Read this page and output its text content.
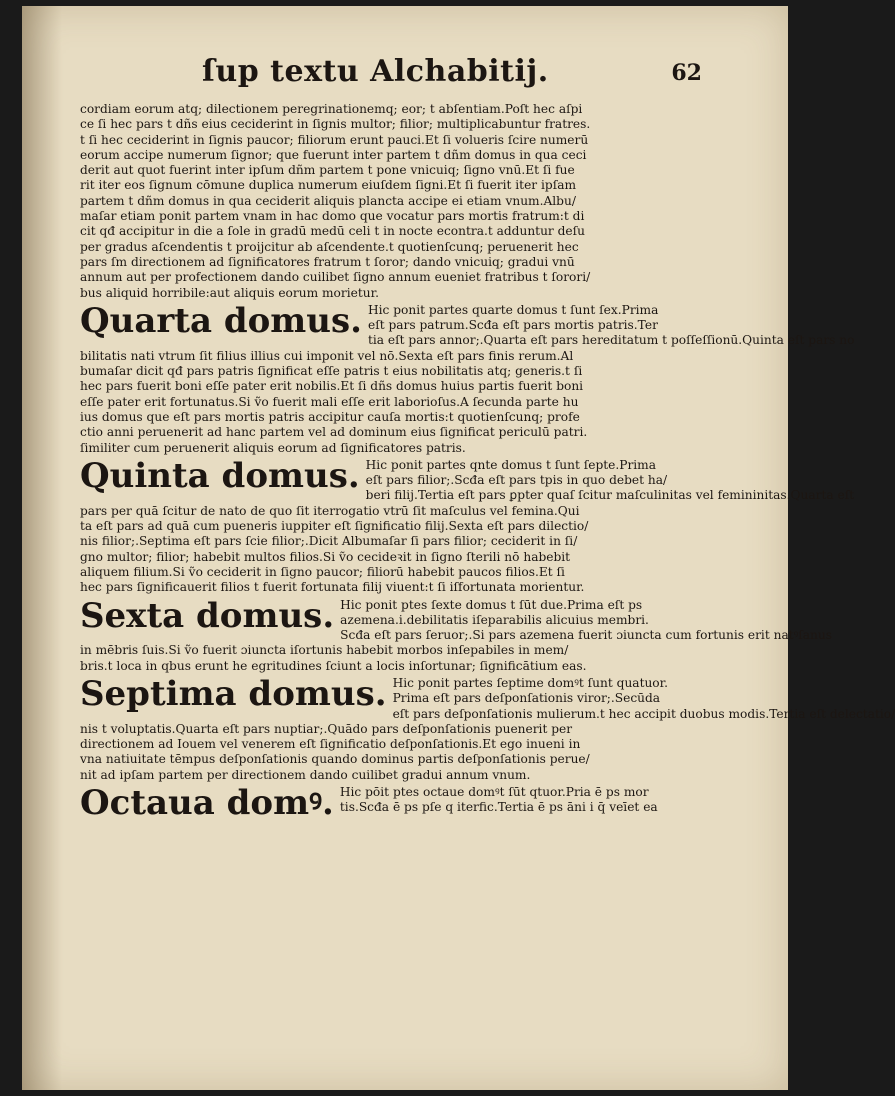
ſup textu Alchabitij.	62
cordiam eorum atq; dilectionem peregrinationemq; eor; t abſentiam.Poſt hec aſpi
ce ſi hec pars t dñs eius ceciderint in ſignis multor; filior; multiplicabuntur fratres.
t ſi hec ceciderint in ſignis paucor; filiorum erunt pauci.Et ſi volueris ſcire numerū
eorum accipe numerum ſignor; que fuerunt inter partem t dñm domus in qua ceci
derit aut quot fuerint inter ipſum dñm partem t pone vnicuiq; ſigno vnū.Et ſi fue
rit iter eos ſignum cōmune duplica numerum eiuſdem ſigni.Et ſi fuerit iter ipſam
partem t dñm domus in qua ceciderit aliquis plancta accipe ei etiam vnum.Albu/
maſar etiam ponit partem vnam in hac domo que vocatur pars mortis fratrum:t di
cit qđ accipitur in die a ſole in gradū medū celi t in nocte econtra.t adduntur deſu
per gradus aſcendentis t proijcitur ab aſcendente.t quotienſcunq; peruenerit hec
pars ſm directionem ad ſignificatores fratrum t ſoror; dando vnicuiq; gradui vnū
annum aut per profectionem dando cuilibet ſigno annum eueniet fratribus t ſorori/
bus aliquid horribile:aut aliquis eorum morietur.
Quarta domus. Hic ponit partes quarte domus t ſunt ſex.Prima
eſt pars patrum.Scđa eſt pars mortis patris.Ter
tia eſt pars annor;.Quarta eſt pars hereditatum t poſſeſſionū.Quinta eſt pars no
bilitatis nati vtrum ſit filius illius cui imponit vel nō.Sexta eſt pars finis rerum.Al
bumaſar dicit qđ pars patris ſignificat eſſe patris t eius nobilitatis atq; generis.t ſi
hec pars fuerit boni eſſe pater erit nobilis.Et ſi dñs domus huius partis fuerit boni
eſſe pater erit fortunatus.Si ṽo fuerit mali eſſe erit laborioſus.A ſecunda parte hu
ius domus que eſt pars mortis patris accipitur cauſa mortis:t quotienſcunq; profe
ctio anni peruenerit ad hanc partem vel ad dominum eius ſignificat periculū patri.
ſimiliter cum peruenerit aliquis eorum ad ſignificatores patris.
Quinta domus. Hic ponit partes qnte domus t ſunt ſepte.Prima
eſt pars filior;.Scđa eſt pars tpis in quo debet ha/
beri filij.Tertia eſt pars ꝑpter quaſ ſcitur maſculinitas vel femininitas.Quarta eſt
pars per quā ſcitur de nato de quo ſit iterrogatio vtrū ſit maſculus vel femina.Qui
ta eſt pars ad quā cum pueneris iuppiter eſt ſignificatio filij.Sexta eſt pars dilectio/
nis filior;.Septima eſt pars ſcie filior;.Dicit Albumaſar ſi pars filior; ceciderit in ſi/
gno multor; filior; habebit multos filios.Si ṽo cecideꝛit in ſigno ſterili nō habebit
aliquem filium.Si ṽo ceciderit in ſigno paucor; filiorū habebit paucos filios.Et ſi
hec pars ſignificauerit filios t fuerit fortunata filij viuent:t ſi iſfortunata morientur.
Sexta domus. Hic ponit ptes ſexte domus t ſūt due.Prima eſt ps
azemena.i.debilitatis iſeparabilis alicuius membri.
Scđa eſt pars ſeruor;.Si pars azemena fuerit ɔiuncta cum fortunis erit natꝰſanus
in mēbris ſuis.Si ṽo fuerit ɔiuncta iſortunis habebit morbos inſepabiles in mem/
bris.t loca in qbus erunt he egritudines ſciunt a locis inſortunar; ſignificātium eas.
Septima domus. Hic ponit partes ſeptime domꝰt ſunt quatuor.
Prima eſt pars deſponſationis viror;.Secūda
eſt pars deſponſationis mulierum.t hec accipit duobus modis.Tertia eſt delectatio/
nis t voluptatis.Quarta eſt pars nuptiar;.Quādo pars deſponſationis puenerit per
directionem ad Iouem vel venerem eſt ſignificatio deſponſationis.Et ego inueni in
vna natiuitate tēmpus deſponſationis quando dominus partis deſponſationis perue/
nit ad ipſam partem per directionem dando cuilibet gradui annum vnum.
Octaua domꝰ. Hic pōit ptes octaue domꝰt ſūt qtuor.Pria ē ps mor
tis.Scđa ē ps pſe q iterfic.Tertia ē ps āni i q̄ veīet ea
